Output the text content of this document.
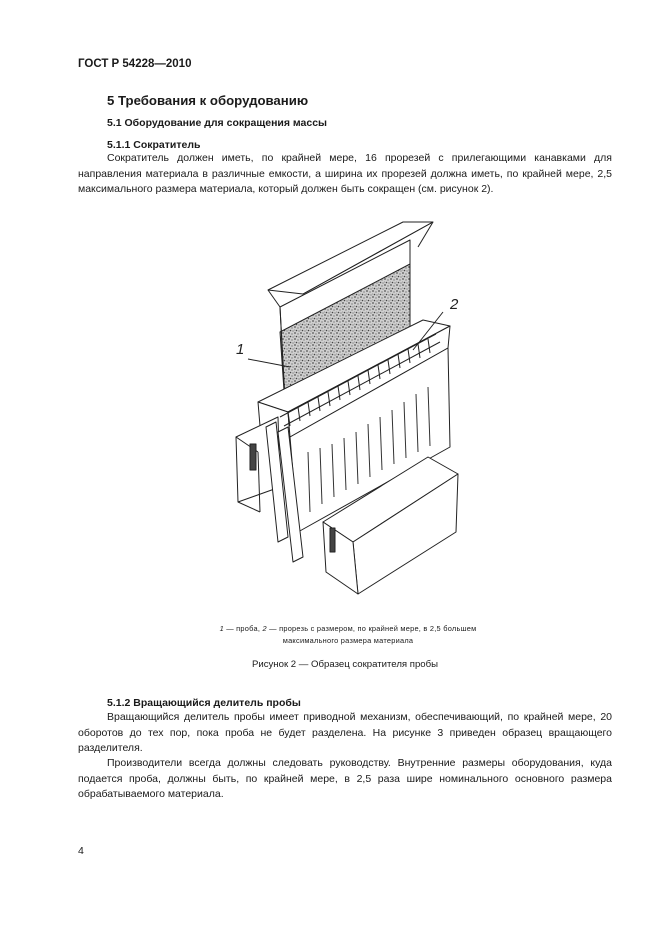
ГОСТ Р 54228—2010
5 Требования к оборудованию
5.1 Оборудование для сокращения массы
5.1.1 Сократитель

Сократитель должен иметь, по крайней мере, 16 прорезей с прилегающими канавками для направления материала в различные емкости, а ширина их прорезей должна иметь, по крайней мере, 2,5 максимального размера материала, который должен быть сокращен (см. рисунок 2).

1
2
1 — проба, 2 — прорезь с размером, по крайней мере, в 2,5 большем
максимального размера материала
Рисунок 2 — Образец сократителя пробы
5.1.2 Вращающийся делитель пробы

Вращающийся делитель пробы имеет приводной механизм, обеспечивающий, по крайней мере, 20 оборотов до тех пор, пока проба не будет разделена. На рисунке 3 приведен образец вращающего разделителя.

Производители всегда должны следовать руководству. Внутренние размеры оборудования, куда подается проба, должны быть, по крайней мере, в 2,5 раза шире номинального основного размера обрабатываемого материала.

4
